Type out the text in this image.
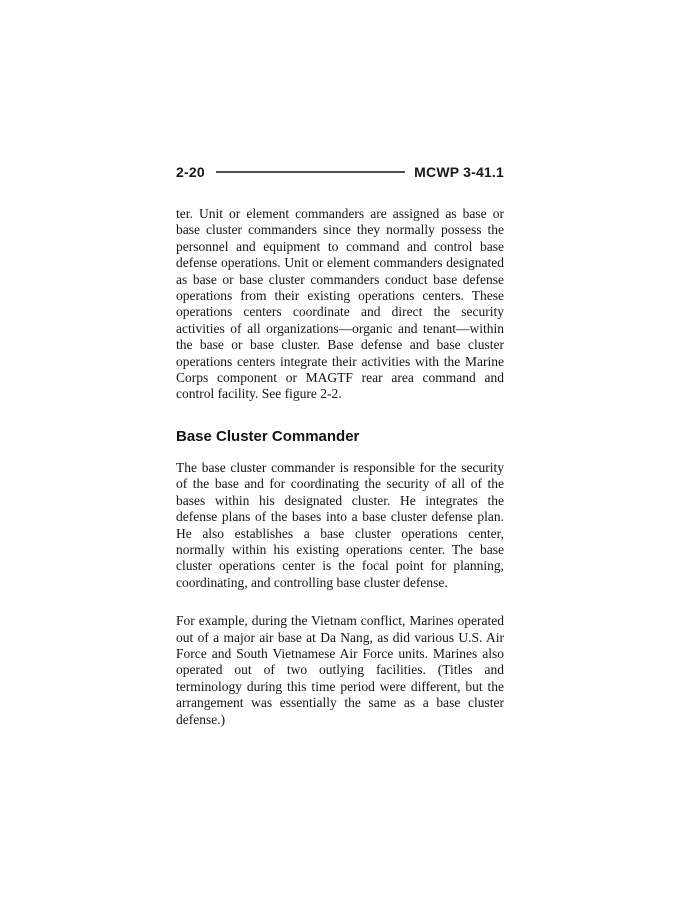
2-20	MCWP 3-41.1

ter. Unit or element commanders are assigned as base or base cluster commanders since they normally possess the personnel and equipment to command and control base defense operations. Unit or element commanders designated as base or base cluster commanders conduct base defense operations from their existing operations centers. These operations centers coordinate and direct the security activities of all organizations—organic and tenant—within the base or base cluster. Base defense and base cluster operations centers integrate their activities with the Marine Corps component or MAGTF rear area command and control facility. See figure 2-2.

Base Cluster Commander

The base cluster commander is responsible for the security of the base and for coordinating the security of all of the bases within his designated cluster. He integrates the defense plans of the bases into a base cluster defense plan. He also establishes a base cluster operations center, normally within his existing operations center. The base cluster operations center is the focal point for planning, coordinating, and controlling base cluster defense.

For example, during the Vietnam conflict, Marines operated out of a major air base at Da Nang, as did various U.S. Air Force and South Vietnamese Air Force units. Marines also operated out of two outlying facilities. (Titles and terminology during this time period were different, but the arrangement was essentially the same as a base cluster defense.)
